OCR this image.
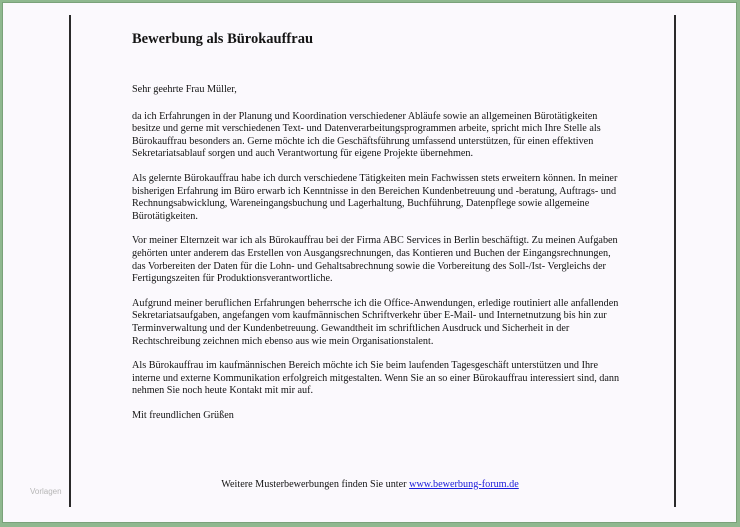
Bewerbung als Bürokauffrau

Sehr geehrte Frau Müller,

da ich Erfahrungen in der Planung und Koordination verschiedener Abläufe sowie an allgemeinen Bürotätigkeiten besitze und gerne mit verschiedenen Text- und Datenverarbeitungsprogrammen arbeite, spricht mich Ihre Stelle als Bürokauffrau besonders an. Gerne möchte ich die Geschäftsführung umfassend unterstützen, für einen effektiven Sekretariatsablauf sorgen und auch Verantwortung für eigene Projekte übernehmen.

Als gelernte Bürokauffrau habe ich durch verschiedene Tätigkeiten mein Fachwissen stets erweitern können. In meiner bisherigen Erfahrung im Büro erwarb ich Kenntnisse in den Bereichen Kundenbetreuung und -beratung, Auftrags- und Rechnungsabwicklung, Wareneingangsbuchung und Lagerhaltung, Buchführung, Datenpflege sowie allgemeine Bürotätigkeiten.

Vor meiner Elternzeit war ich als Bürokauffrau bei der Firma ABC Services in Berlin beschäftigt. Zu meinen Aufgaben gehörten unter anderem das Erstellen von Ausgangsrechnungen, das Kontieren und Buchen der Eingangsrechnungen, das Vorbereiten der Daten für die Lohn- und Gehaltsabrechnung sowie die Vorbereitung des Soll-/Ist- Vergleichs der Fertigungszeiten für Produktionsverantwortliche.

Aufgrund meiner beruflichen Erfahrungen beherrsche ich die Office-Anwendungen, erledige routiniert alle anfallenden Sekretariatsaufgaben, angefangen vom kaufmännischen Schriftverkehr über E-Mail- und Internetnutzung bis hin zur Terminverwaltung und der Kundenbetreuung. Gewandtheit im schriftlichen Ausdruck und Sicherheit in der Rechtschreibung zeichnen mich ebenso aus wie mein Organisationstalent.

Als Bürokauffrau im kaufmännischen Bereich möchte ich Sie beim laufenden Tagesgeschäft unterstützen und Ihre interne und externe Kommunikation erfolgreich mitgestalten. Wenn Sie an so einer Bürokauffrau interessiert sind, dann nehmen Sie noch heute Kontakt mit mir auf.

Mit freundlichen Grüßen

Weitere Musterbewerbungen finden Sie unter www.bewerbung-forum.de
Vorlagen
